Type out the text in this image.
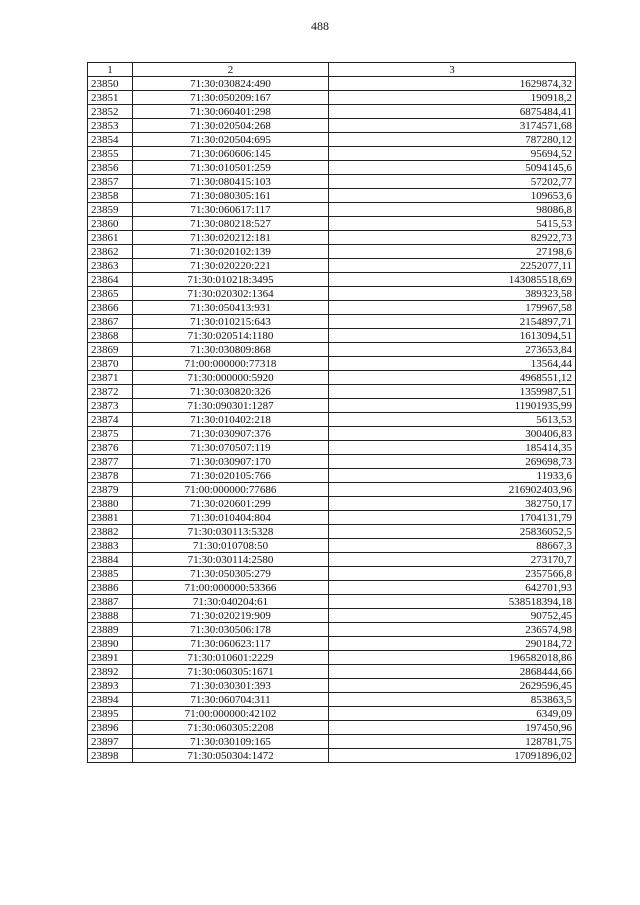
488
1	2	3
23850	71:30:030824:490	1629874,32
23851	71:30:050209:167	190918,2
23852	71:30:060401:298	6875484,41
23853	71:30:020504:268	3174571,68
23854	71:30:020504:695	787280,12
23855	71:30:060606:145	95694,52
23856	71:30:010501:259	5094145,6
23857	71:30:080415:103	57202,77
23858	71:30:080305:161	109653,6
23859	71:30:060617:117	98086,8
23860	71:30:080218:527	5415,53
23861	71:30:020212:181	82922,73
23862	71:30:020102:139	27198,6
23863	71:30:020220:221	2252077,11
23864	71:30:010218:3495	143085518,69
23865	71:30:020302:1364	389323,58
23866	71:30:050413:931	179967,58
23867	71:30:010215:643	2154897,71
23868	71:30:020514:1180	1613094,51
23869	71:30:030809:868	273653,84
23870	71:00:000000:77318	13564,44
23871	71:30:000000:5920	4968551,12
23872	71:30:030820:326	1359987,51
23873	71:30:090301:1287	11901935,99
23874	71:30:010402:218	5613,53
23875	71:30:030907:376	300406,83
23876	71:30:070507:119	185414,35
23877	71:30:030907:170	269698,73
23878	71:30:020105:766	11933,6
23879	71:00:000000:77686	216902403,96
23880	71:30:020601:299	382750,17
23881	71:30:010404:804	1704131,79
23882	71:30:030113:5328	25836052,5
23883	71:30:010708:50	88667,3
23884	71:30:030114:2580	273170,7
23885	71:30:050305:279	2357566,8
23886	71:00:000000:53366	642701,93
23887	71:30:040204:61	538518394,18
23888	71:30:020219:909	90752,45
23889	71:30:030506:178	236574,98
23890	71:30:060623:117	290184,72
23891	71:30:010601:2229	196582018,86
23892	71:30:060305:1671	2868444,66
23893	71:30:030301:393	2629596,45
23894	71:30:060704:311	853863,5
23895	71:00:000000:42102	6349,09
23896	71:30:060305:2208	197450,96
23897	71:30:030109:165	128781,75
23898	71:30:050304:1472	17091896,02
